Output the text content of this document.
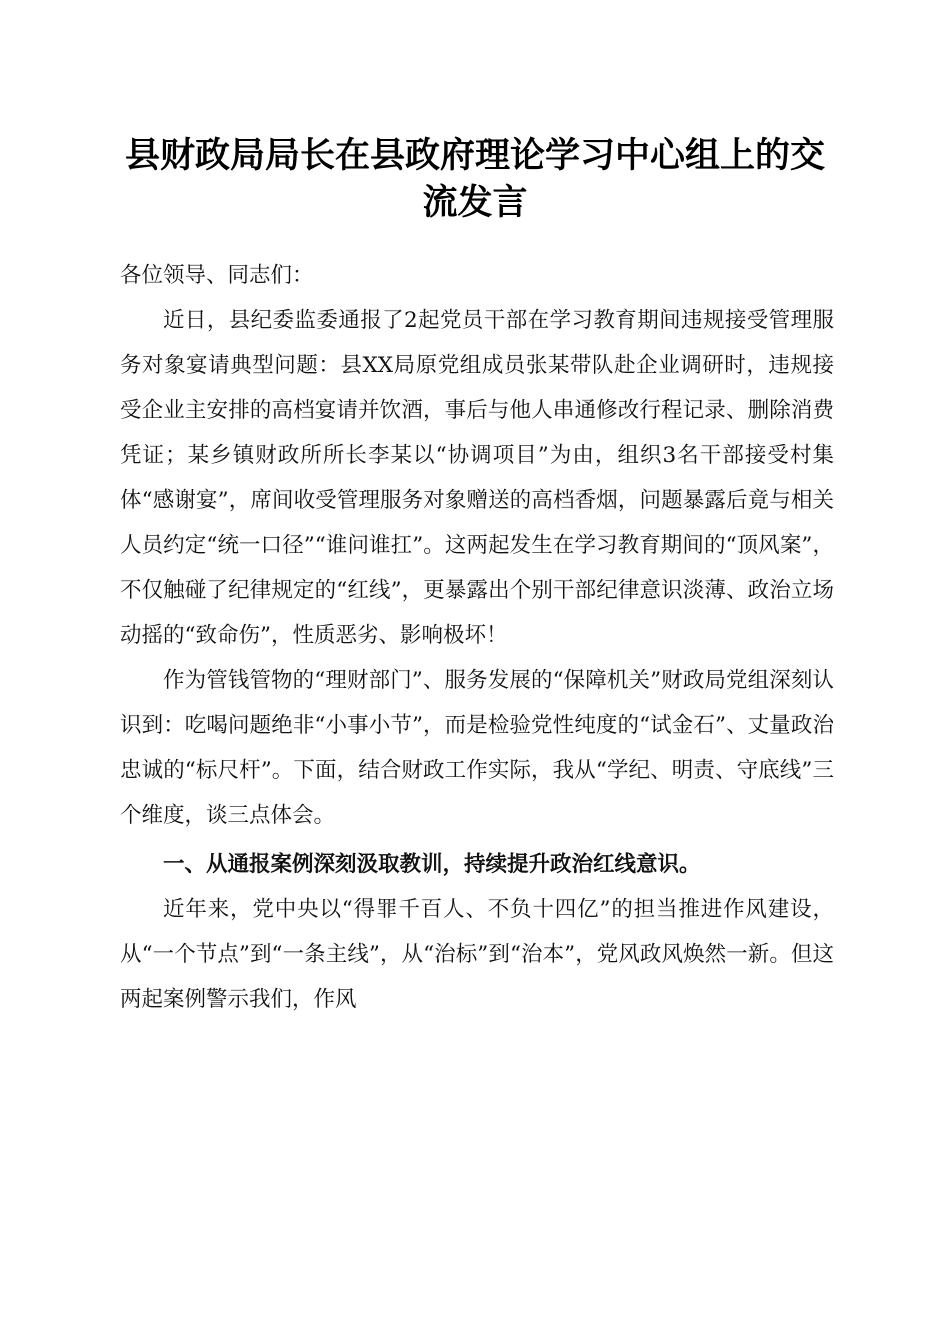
县财政局局长在县政府理论学习中心组上的交流发言

各位领导、同志们：

近日，县纪委监委通报了2起党员干部在学习教育期间违规接受管理服务对象宴请典型问题：县XX局原党组成员张某带队赴企业调研时，违规接受企业主安排的高档宴请并饮酒，事后与他人串通修改行程记录、删除消费凭证；某乡镇财政所所长李某以“协调项目”为由，组织3名干部接受村集体“感谢宴”，席间收受管理服务对象赠送的高档香烟，问题暴露后竟与相关人员约定“统一口径”“谁问谁扛”。这两起发生在学习教育期间的“顶风案”，不仅触碰了纪律规定的“红线”，更暴露出个别干部纪律意识淡薄、政治立场动摇的“致命伤”，性质恶劣、影响极坏！

作为管钱管物的“理财部门”、服务发展的“保障机关”财政局党组深刻认识到：吃喝问题绝非“小事小节”，而是检验党性纯度的“试金石”、丈量政治忠诚的“标尺杆”。下面，结合财政工作实际，我从“学纪、明责、守底线”三个维度，谈三点体会。

一、从通报案例深刻汲取教训，持续提升政治红线意识。

近年来，党中央以“得罪千百人、不负十四亿”的担当推进作风建设，从“一个节点”到“一条主线”，从“治标”到“治本”，党风政风焕然一新。但这两起案例警示我们，作风
